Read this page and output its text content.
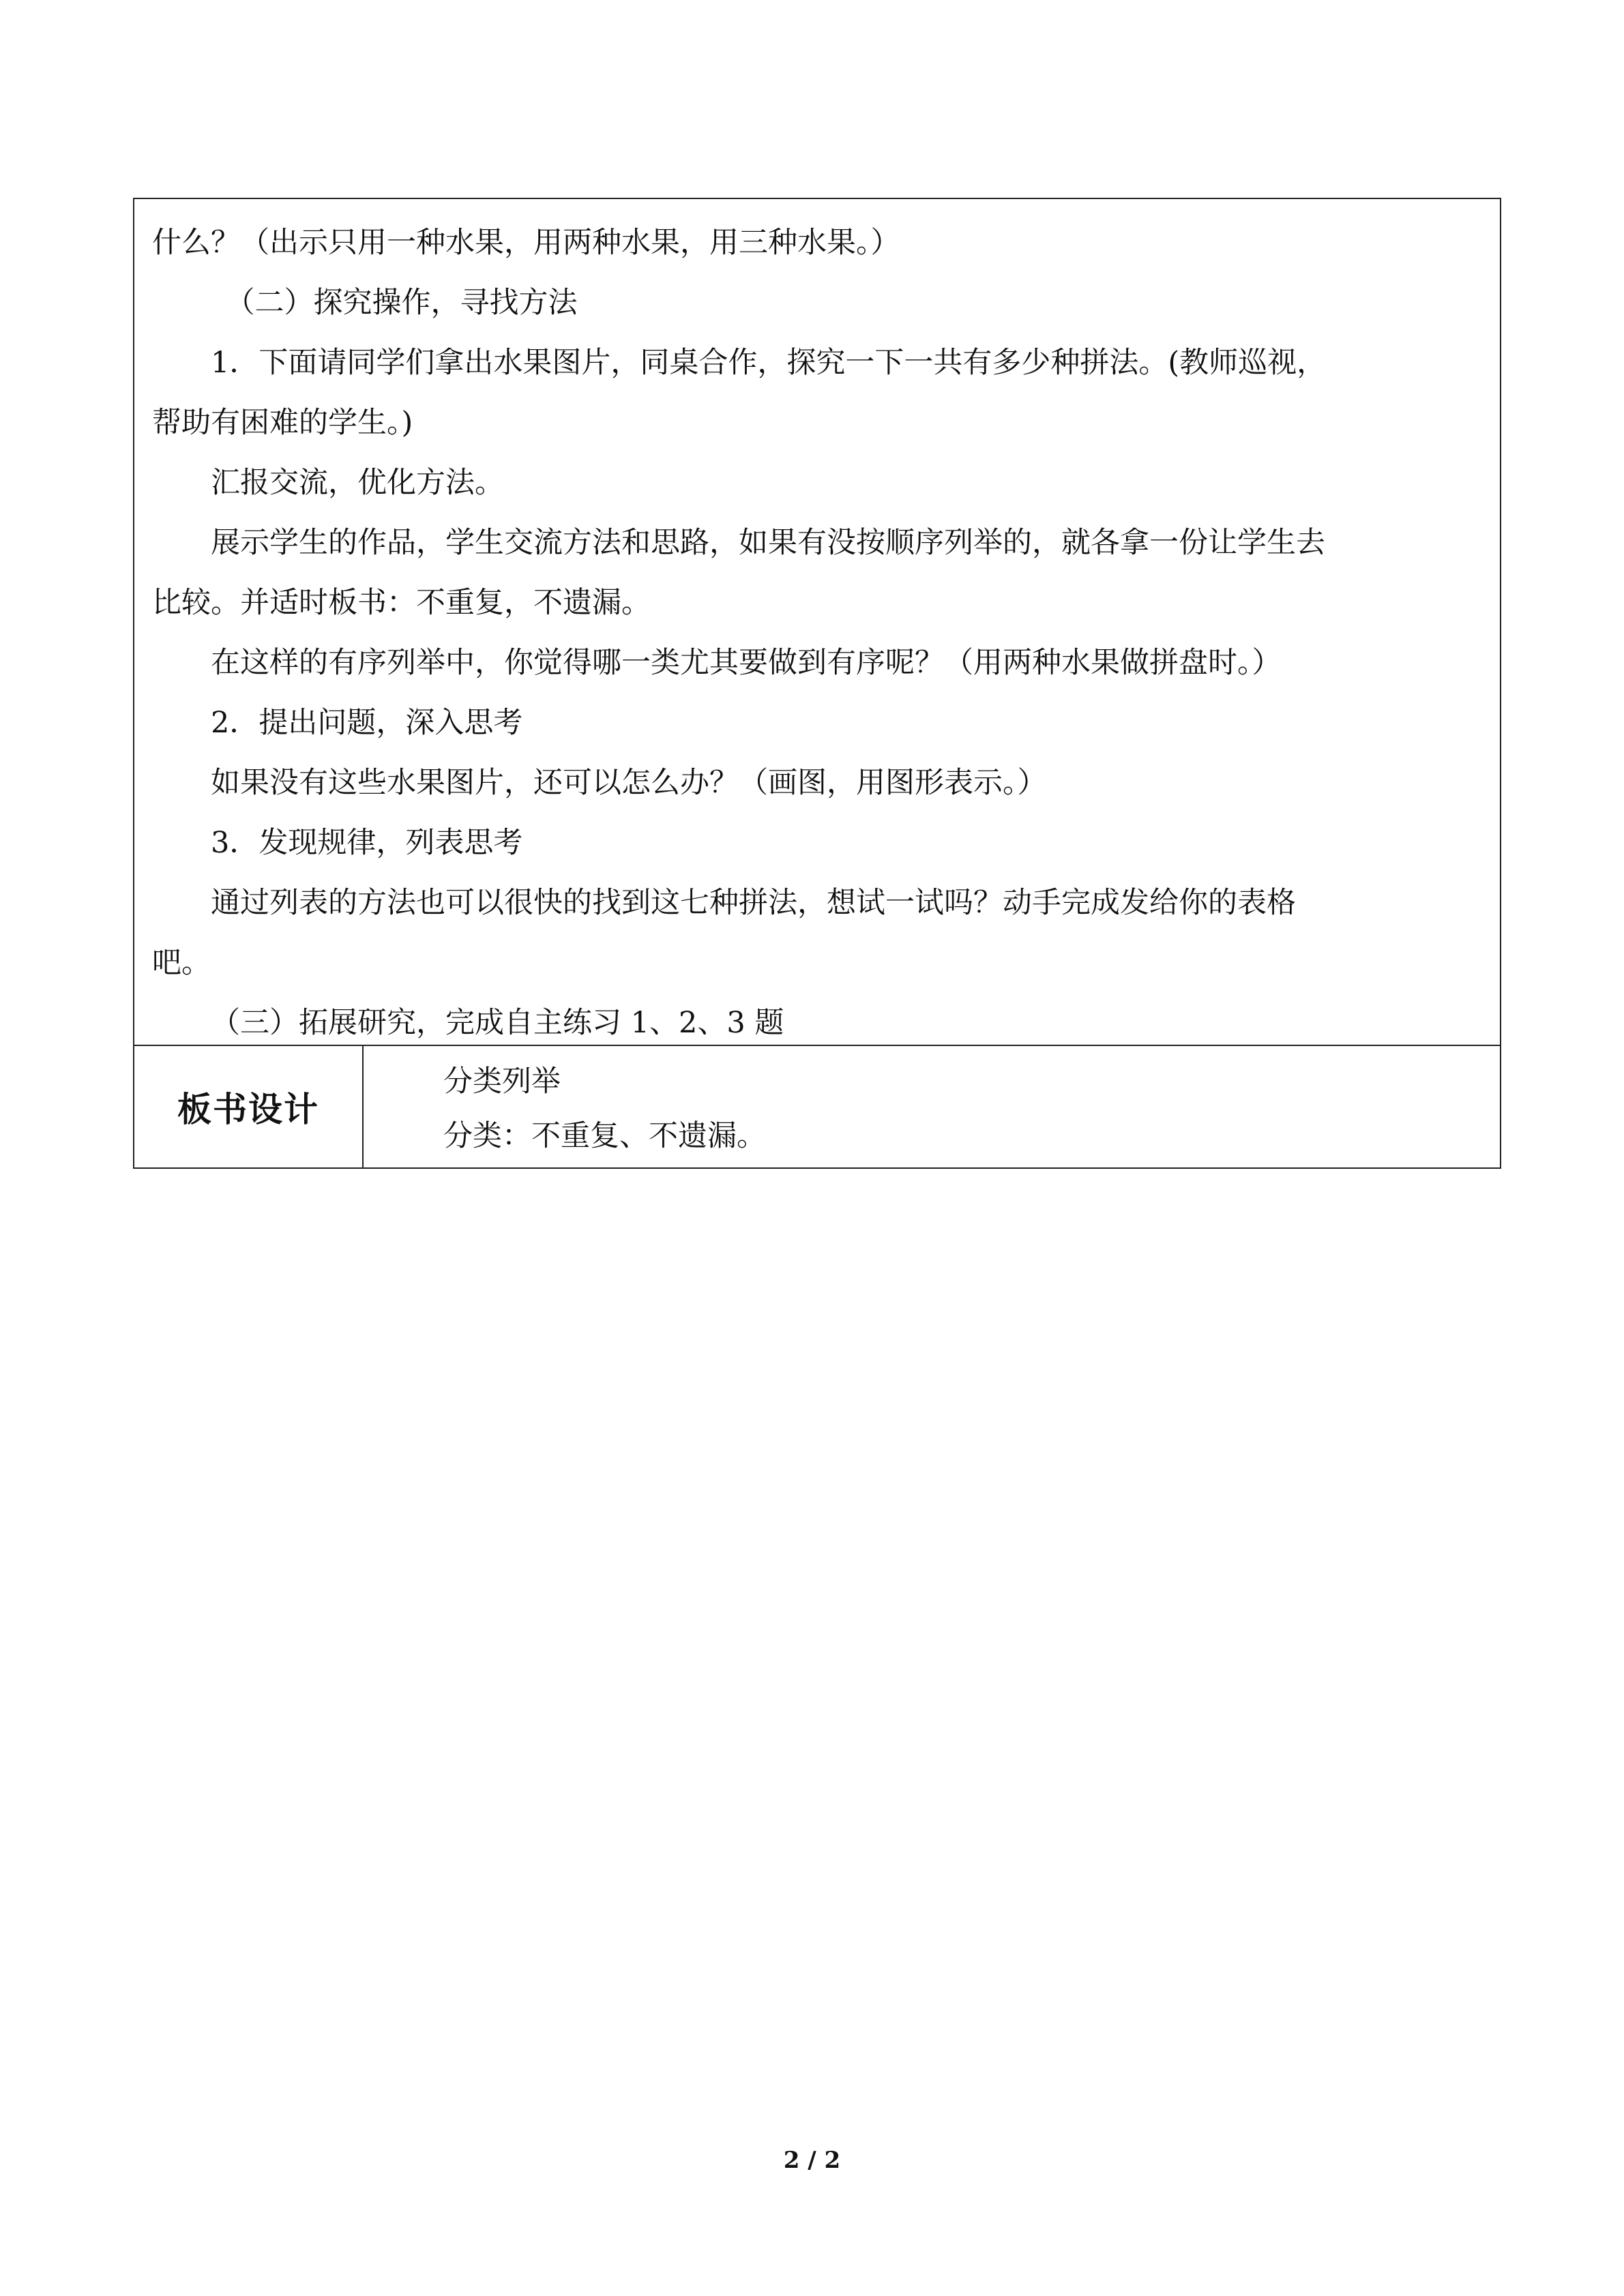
什么？（出示只用一种水果，用两种水果，用三种水果。）
　（二）探究操作，寻找方法
1．下面请同学们拿出水果图片，同桌合作，探究一下一共有多少种拼法。(教师巡视，
帮助有困难的学生。)
汇报交流，优化方法。
展示学生的作品，学生交流方法和思路，如果有没按顺序列举的，就各拿一份让学生去
比较。并适时板书：不重复，不遗漏。
在这样的有序列举中，你觉得哪一类尤其要做到有序呢？（用两种水果做拼盘时。）
2．提出问题，深入思考
如果没有这些水果图片，还可以怎么办？（画图，用图形表示。）
3．发现规律，列表思考
通过列表的方法也可以很快的找到这七种拼法，想试一试吗？动手完成发给你的表格
吧。
（三）拓展研究，完成自主练习 1、2、3 题
板书设计
分类列举
分类：不重复、不遗漏。
2 / 2
